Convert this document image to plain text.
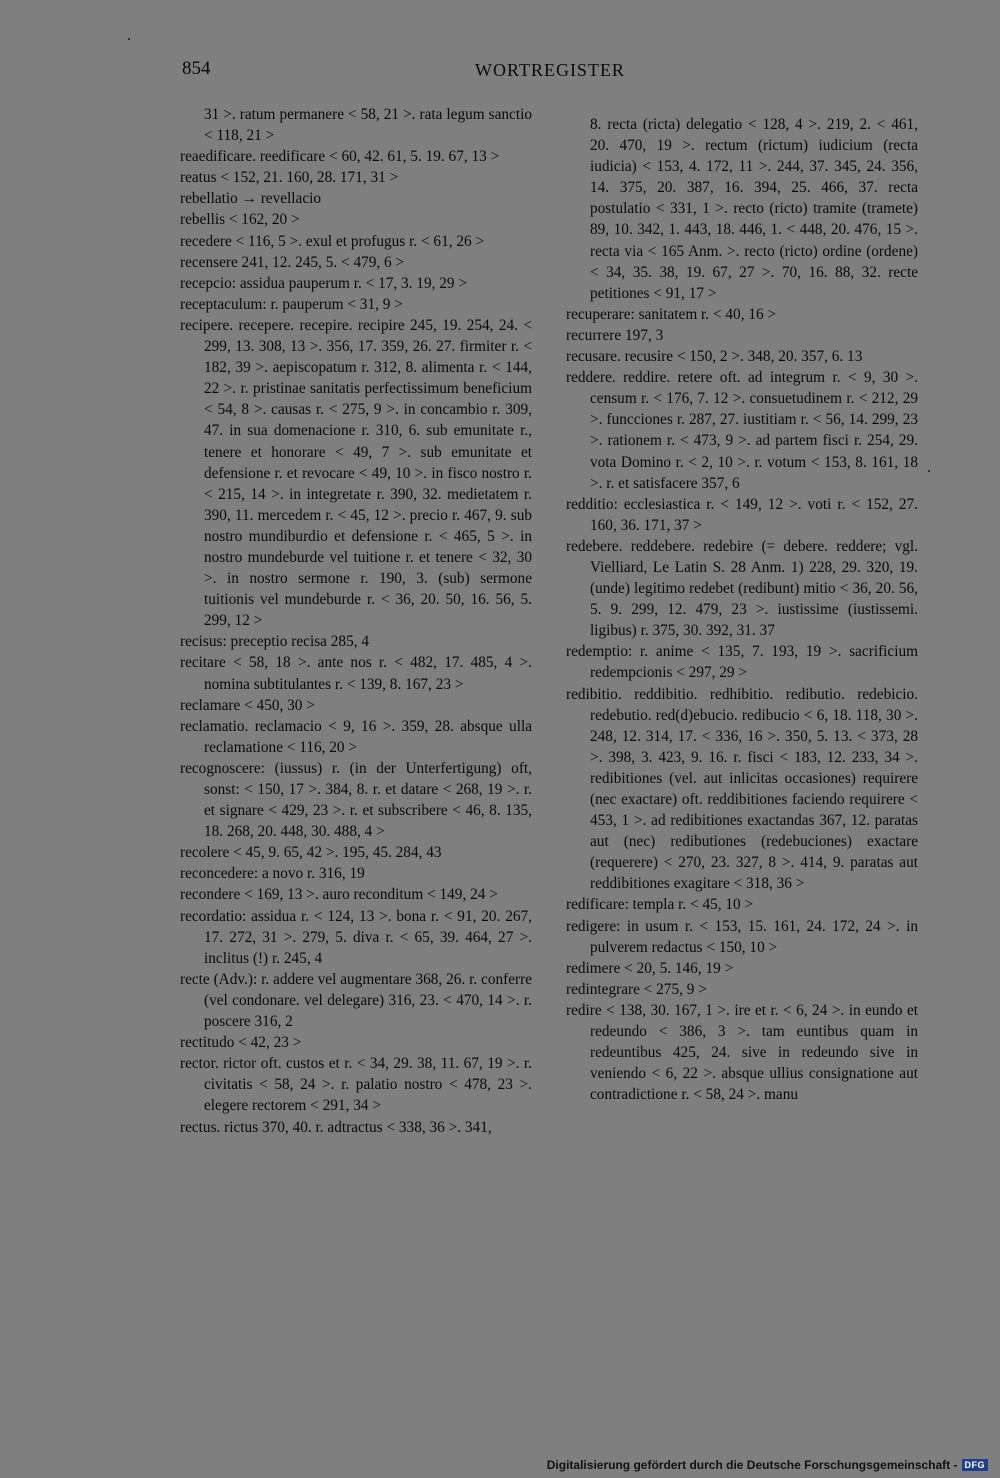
854	WORTREGISTER

31 >. ratum permanere < 58, 21 >. rata legum sanctio < 118, 21 >

reaedificare. reedificare < 60, 42. 61, 5. 19. 67, 13 >

reatus < 152, 21. 160, 28. 171, 31 >

rebellatio → revellacio

rebellis < 162, 20 >

recedere < 116, 5 >. exul et profugus r. < 61, 26 >

recensere 241, 12. 245, 5. < 479, 6 >

recepcio: assidua pauperum r. < 17, 3. 19, 29 >

receptaculum: r. pauperum < 31, 9 >

recipere. recepere. recepire. recipire 245, 19. 254, 24. < 299, 13. 308, 13 >. 356, 17. 359, 26. 27. firmiter r. < 182, 39 >. aepiscopatum r. 312, 8. alimenta r. < 144, 22 >. r. pristinae sanitatis perfectissimum beneficium < 54, 8 >. causas r. < 275, 9 >. in concambio r. 309, 47. in sua domenacione r. 310, 6. sub emunitate r., tenere et honorare < 49, 7 >. sub emunitate et defensione r. et revocare < 49, 10 >. in fisco nostro r. < 215, 14 >. in integretate r. 390, 32. medietatem r. 390, 11. mercedem r. < 45, 12 >. precio r. 467, 9. sub nostro mundiburdio et defensione r. < 465, 5 >. in nostro mundeburde vel tuitione r. et tenere < 32, 30 >. in nostro sermone r. 190, 3. (sub) sermone tuitionis vel mundeburde r. < 36, 20. 50, 16. 56, 5. 299, 12 >

recisus: preceptio recisa 285, 4

recitare < 58, 18 >. ante nos r. < 482, 17. 485, 4 >. nomina subtitulantes r. < 139, 8. 167, 23 >

reclamare < 450, 30 >

reclamatio. reclamacio < 9, 16 >. 359, 28. absque ulla reclamatione < 116, 20 >

recognoscere: (iussus) r. (in der Unterfertigung) oft, sonst: < 150, 17 >. 384, 8. r. et datare < 268, 19 >. r. et signare < 429, 23 >. r. et subscribere < 46, 8. 135, 18. 268, 20. 448, 30. 488, 4 >

recolere < 45, 9. 65, 42 >. 195, 45. 284, 43

reconcedere: a novo r. 316, 19

recondere < 169, 13 >. auro reconditum < 149, 24 >

recordatio: assidua r. < 124, 13 >. bona r. < 91, 20. 267, 17. 272, 31 >. 279, 5. diva r. < 65, 39. 464, 27 >. inclitus (!) r. 245, 4

recte (Adv.): r. addere vel augmentare 368, 26. r. conferre (vel condonare. vel delegare) 316, 23. < 470, 14 >. r. poscere 316, 2

rectitudo < 42, 23 >

rector. rictor oft. custos et r. < 34, 29. 38, 11. 67, 19 >. r. civitatis < 58, 24 >. r. palatio nostro < 478, 23 >. elegere rectorem < 291, 34 >

rectus. rictus 370, 40. r. adtractus < 338, 36 >. 341,

8. recta (ricta) delegatio < 128, 4 >. 219, 2. < 461, 20. 470, 19 >. rectum (rictum) iudicium (recta iudicia) < 153, 4. 172, 11 >. 244, 37. 345, 24. 356, 14. 375, 20. 387, 16. 394, 25. 466, 37. recta postulatio < 331, 1 >. recto (ricto) tramite (tramete) 89, 10. 342, 1. 443, 18. 446, 1. < 448, 20. 476, 15 >. recta via < 165 Anm. >. recto (ricto) ordine (ordene) < 34, 35. 38, 19. 67, 27 >. 70, 16. 88, 32. recte petitiones < 91, 17 >

recuperare: sanitatem r. < 40, 16 >

recurrere 197, 3

recusare. recusire < 150, 2 >. 348, 20. 357, 6. 13

reddere. reddire. retere oft. ad integrum r. < 9, 30 >. censum r. < 176, 7. 12 >. consuetudinem r. < 212, 29 >. funcciones r. 287, 27. iustitiam r. < 56, 14. 299, 23 >. rationem r. < 473, 9 >. ad partem fisci r. 254, 29. vota Domino r. < 2, 10 >. r. votum < 153, 8. 161, 18 >. r. et satisfacere 357, 6

redditio: ecclesiastica r. < 149, 12 >. voti r. < 152, 27. 160, 36. 171, 37 >

redebere. reddebere. redebire (= debere. reddere; vgl. Vielliard, Le Latin S. 28 Anm. 1) 228, 29. 320, 19. (unde) legitimo redebet (redibunt) mitio < 36, 20. 56, 5. 9. 299, 12. 479, 23 >. iustissime (iustissemi. ligibus) r. 375, 30. 392, 31. 37

redemptio: r. anime < 135, 7. 193, 19 >. sacrificium redempcionis < 297, 29 >

redibitio. reddibitio. redhibitio. redibutio. redebicio. redebutio. red(d)ebucio. redibucio < 6, 18. 118, 30 >. 248, 12. 314, 17. < 336, 16 >. 350, 5. 13. < 373, 28 >. 398, 3. 423, 9. 16. r. fisci < 183, 12. 233, 34 >. redibitiones (vel. aut inlicitas occasiones) requirere (nec exactare) oft. reddibitiones faciendo requirere < 453, 1 >. ad redibitiones exactandas 367, 12. paratas aut (nec) redibutiones (redebuciones) exactare (requerere) < 270, 23. 327, 8 >. 414, 9. paratas aut reddibitiones exagitare < 318, 36 >

redificare: templa r. < 45, 10 >

redigere: in usum r. < 153, 15. 161, 24. 172, 24 >. in pulverem redactus < 150, 10 >

redimere < 20, 5. 146, 19 >

redintegrare < 275, 9 >

redire < 138, 30. 167, 1 >. ire et r. < 6, 24 >. in eundo et redeundo < 386, 3 >. tam euntibus quam in redeuntibus 425, 24. sive in redeundo sive in veniendo < 6, 22 >. absque ullius consignatione aut contradictione r. < 58, 24 >. manu

Digitalisierung gefördert durch die Deutsche Forschungsgemeinschaft - DFG
